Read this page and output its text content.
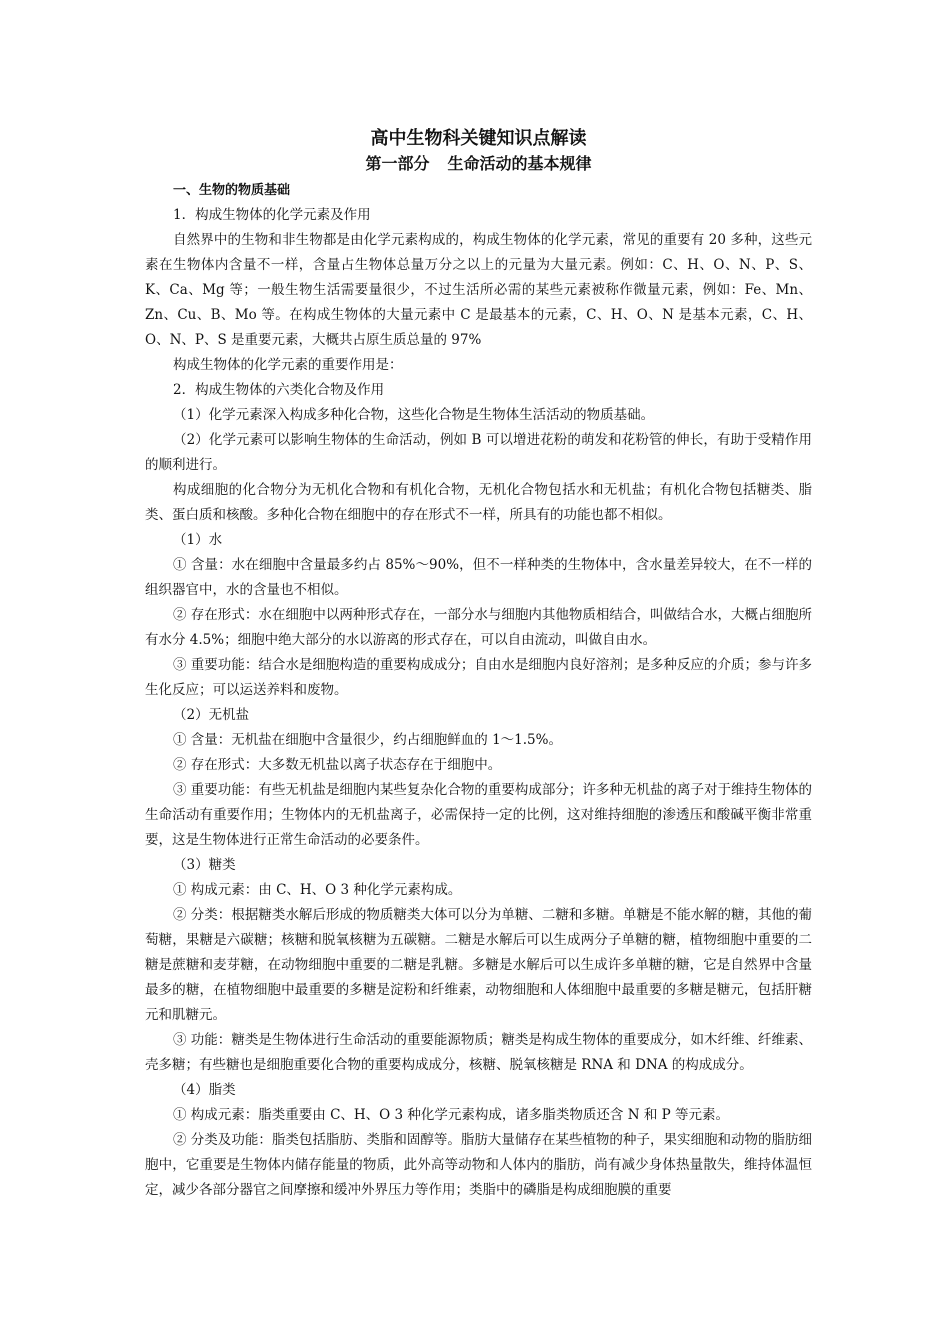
高中生物科关键知识点解读
第一部分 生命活动的基本规律
一、生物的物质基础

1．构成生物体的化学元素及作用

自然界中的生物和非生物都是由化学元素构成的，构成生物体的化学元素，常见的重要有 20 多种，这些元素在生物体内含量不一样，含量占生物体总量万分之以上的元量为大量元素。例如：C、H、O、N、P、S、K、Ca、Mg 等；一般生物生活需要量很少，不过生活所必需的某些元素被称作微量元素，例如：Fe、Mn、Zn、Cu、B、Mo 等。在构成生物体的大量元素中 C 是最基本的元素，C、H、O、N 是基本元素，C、H、O、N、P、S 是重要元素，大概共占原生质总量的 97%

构成生物体的化学元素的重要作用是：

2．构成生物体的六类化合物及作用

（1）化学元素深入构成多种化合物，这些化合物是生物体生活活动的物质基础。

（2）化学元素可以影响生物体的生命活动，例如 B 可以增进花粉的萌发和花粉管的伸长，有助于受精作用的顺利进行。

构成细胞的化合物分为无机化合物和有机化合物，无机化合物包括水和无机盐；有机化合物包括糖类、脂类、蛋白质和核酸。多种化合物在细胞中的存在形式不一样，所具有的功能也都不相似。

（1）水

① 含量：水在细胞中含量最多约占 85%～90%，但不一样种类的生物体中，含水量差异较大，在不一样的组织器官中，水的含量也不相似。

② 存在形式：水在细胞中以两种形式存在，一部分水与细胞内其他物质相结合，叫做结合水，大概占细胞所有水分 4.5%；细胞中绝大部分的水以游离的形式存在，可以自由流动，叫做自由水。

③ 重要功能：结合水是细胞构造的重要构成成分；自由水是细胞内良好溶剂；是多种反应的介质；参与许多生化反应；可以运送养料和废物。

（2）无机盐

① 含量：无机盐在细胞中含量很少，约占细胞鲜血的 1～1.5%。

② 存在形式：大多数无机盐以离子状态存在于细胞中。

③ 重要功能：有些无机盐是细胞内某些复杂化合物的重要构成部分；许多种无机盐的离子对于维持生物体的生命活动有重要作用；生物体内的无机盐离子，必需保持一定的比例，这对维持细胞的渗透压和酸碱平衡非常重要，这是生物体进行正常生命活动的必要条件。

（3）糖类

① 构成元素：由 C、H、O 3 种化学元素构成。

② 分类：根据糖类水解后形成的物质糖类大体可以分为单糖、二糖和多糖。单糖是不能水解的糖，其他的葡萄糖，果糖是六碳糖；核糖和脱氧核糖为五碳糖。二糖是水解后可以生成两分子单糖的糖，植物细胞中重要的二糖是蔗糖和麦芽糖，在动物细胞中重要的二糖是乳糖。多糖是水解后可以生成许多单糖的糖，它是自然界中含量最多的糖，在植物细胞中最重要的多糖是淀粉和纤维素，动物细胞和人体细胞中最重要的多糖是糖元，包括肝糖元和肌糖元。

③ 功能：糖类是生物体进行生命活动的重要能源物质；糖类是构成生物体的重要成分，如木纤维、纤维素、壳多糖；有些糖也是细胞重要化合物的重要构成成分，核糖、脱氧核糖是 RNA 和 DNA 的构成成分。

（4）脂类

① 构成元素：脂类重要由 C、H、O 3 种化学元素构成，诸多脂类物质还含 N 和 P 等元素。

② 分类及功能：脂类包括脂肪、类脂和固醇等。脂肪大量储存在某些植物的种子，果实细胞和动物的脂肪细胞中，它重要是生物体内储存能量的物质，此外高等动物和人体内的脂肪，尚有减少身体热量散失，维持体温恒定，减少各部分器官之间摩擦和缓冲外界压力等作用；类脂中的磷脂是构成细胞膜的重要
